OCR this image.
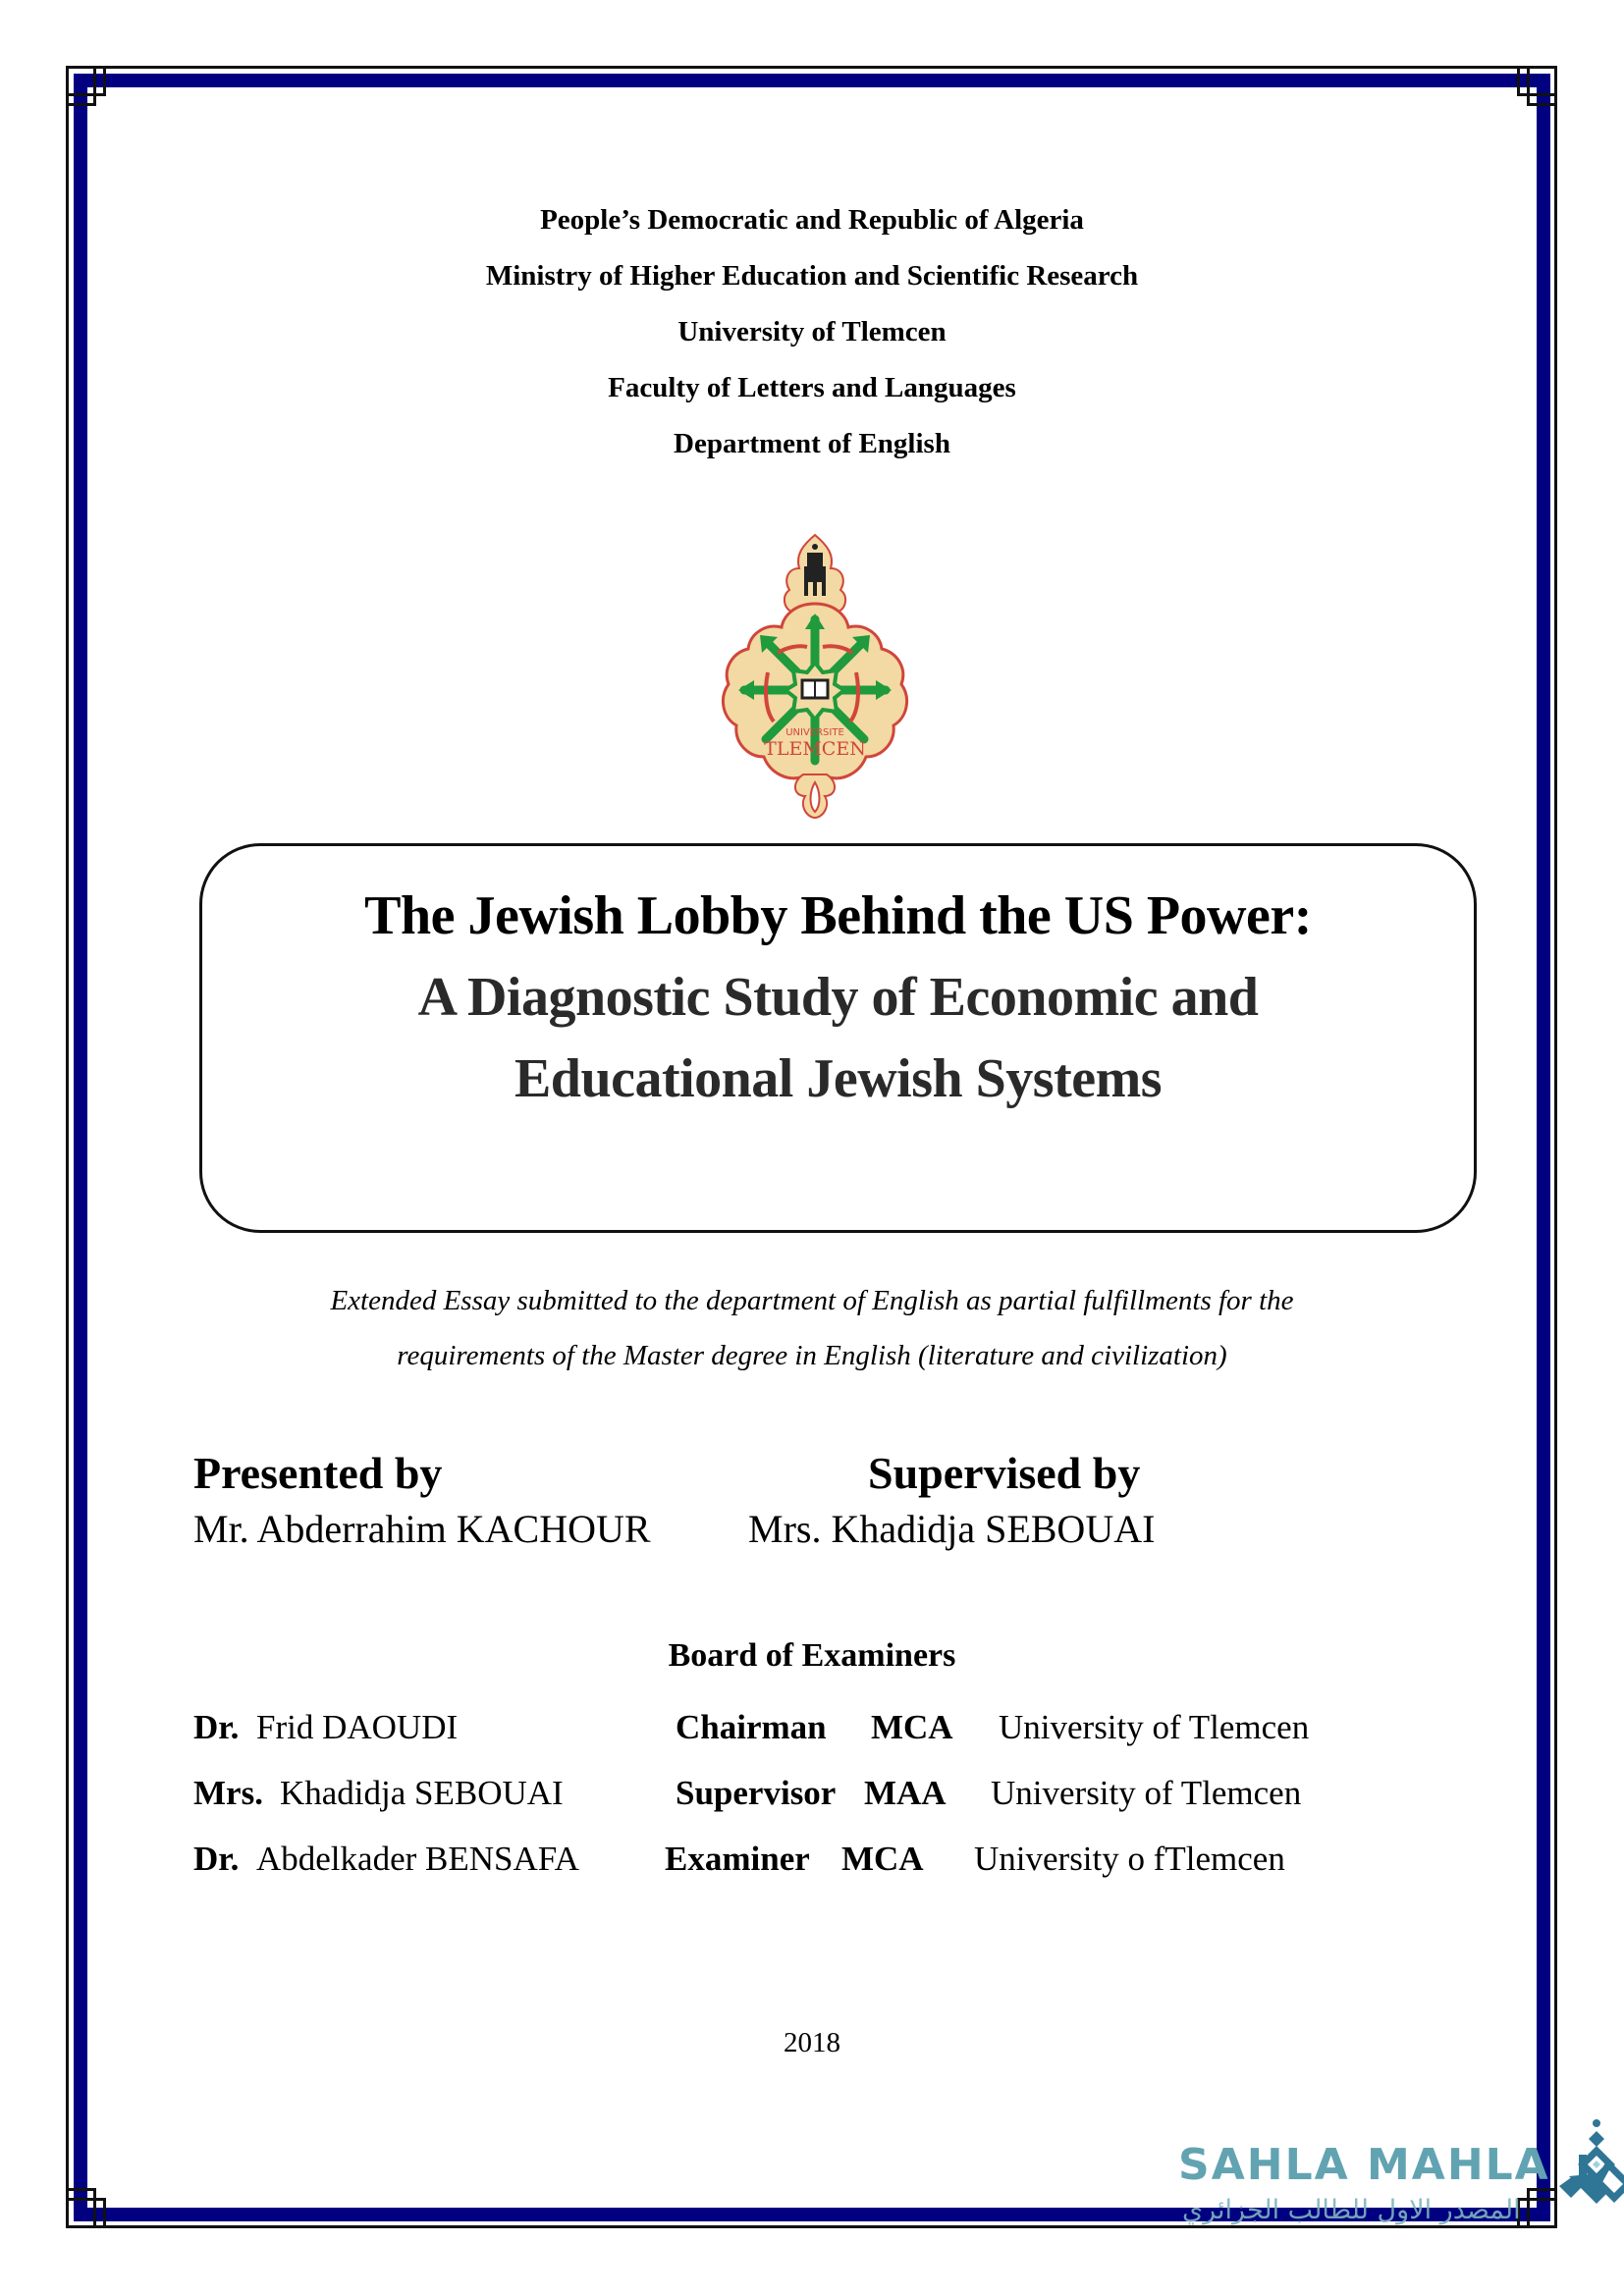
People’s Democratic and Republic of Algeria
Ministry of Higher Education and Scientific Research
University of Tlemcen
Faculty of Letters and Languages
Department of English
UNIVERSITE
TLEMCEN
The Jewish Lobby Behind the US Power:
A Diagnostic Study of Economic and
Educational Jewish Systems
Extended Essay submitted to the department of English as partial fulfillments for the
requirements of the Master degree in English (literature and civilization)
Presented by	Supervised by
Mr. Abderrahim KACHOUR Mrs. Khadidja SEBOUAI
Board of Examiners
Dr. Frid DAOUDI	Chairman MCA University of Tlemcen
Mrs. Khadidja SEBOUAI	Supervisor MAA University of Tlemcen
Dr. Abdelkader BENSAFA Examiner MCA University o fTlemcen
2018
SAHLA MAHLA
المصدر الاول للطالب الجزائري
